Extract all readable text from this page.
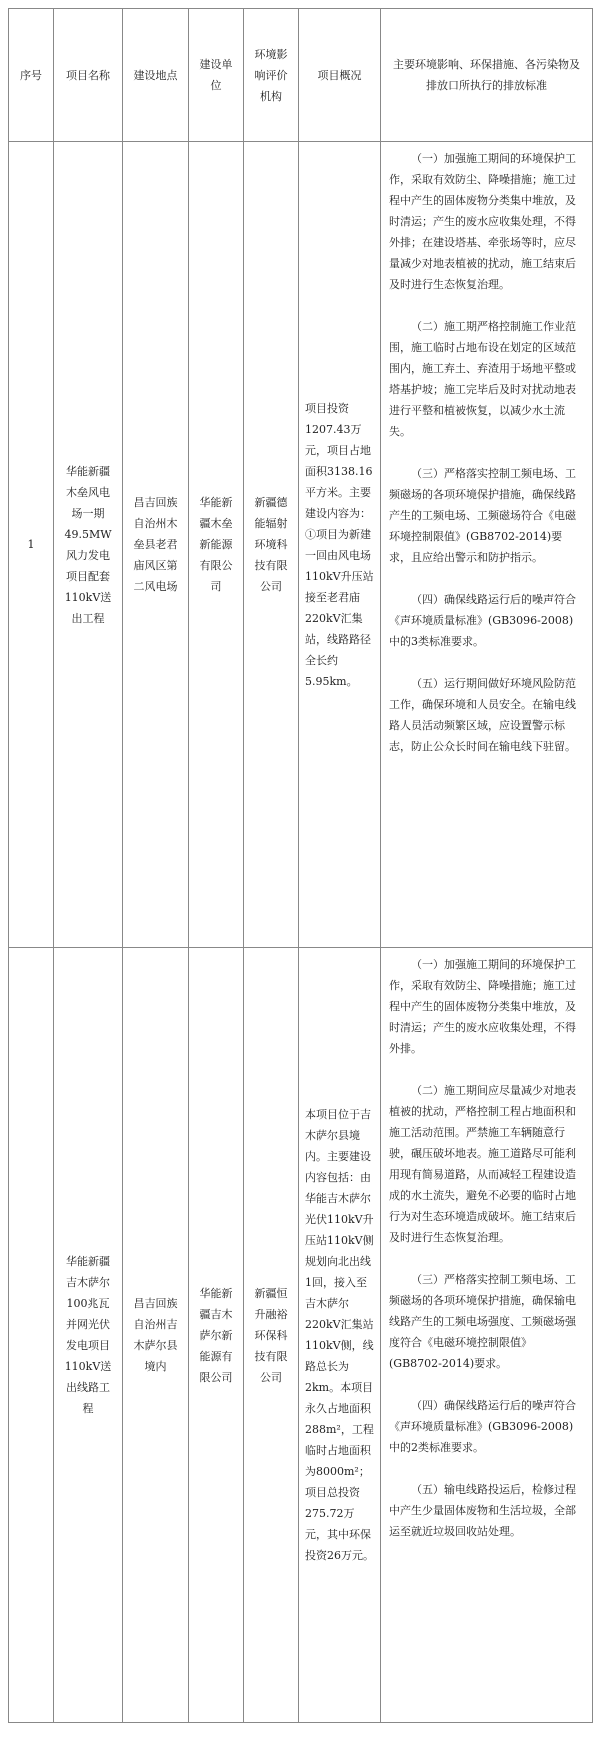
序号	项目名称	建设地点	建设单位	环境影响评价机构	项目概况	主要环境影响、环保措施、各污染物及排放口所执行的排放标准
1	华能新疆木垒风电场一期49.5MW风力发电项目配套110kV送出工程	昌吉回族自治州木垒县老君庙风区第二风电场	华能新疆木垒新能源有限公司	新疆德能辐射环境科技有限公司	项目投资1207.43万元，项目占地面积3138.16平方米。主要建设内容为：①项目为新建一回由风电场110kV升压站接至老君庙220kV汇集站，线路路径全长约5.95km。	（一）加强施工期间的环境保护工作，采取有效防尘、降噪措施；施工过程中产生的固体废物分类集中堆放，及时清运；产生的废水应收集处理，不得外排；在建设塔基、牵张场等时，应尽量减少对地表植被的扰动，施工结束后及时进行生态恢复治理。

（二）施工期严格控制施工作业范围，施工临时占地布设在划定的区域范围内，施工弃土、弃渣用于场地平整或塔基护坡；施工完毕后及时对扰动地表进行平整和植被恢复，以减少水土流失。

（三）严格落实控制工频电场、工频磁场的各项环境保护措施，确保线路产生的工频电场、工频磁场符合《电磁环境控制限值》(GB8702-2014)要求，且应给出警示和防护指示。

（四）确保线路运行后的噪声符合《声环境质量标准》(GB3096-2008)中的3类标准要求。

（五）运行期间做好环境风险防范工作，确保环境和人员安全。在输电线路人员活动频繁区域，应设置警示标志，防止公众长时间在输电线下驻留。

	华能新疆吉木萨尔100兆瓦并网光伏发电项目110kV送出线路工程	昌吉回族自治州吉木萨尔县境内	华能新疆吉木萨尔新能源有限公司	新疆恒升融裕环保科技有限公司	本项目位于吉木萨尔县境内。主要建设内容包括：由华能吉木萨尔光伏110kV升压站110kV侧规划向北出线1回，接入至吉木萨尔220kV汇集站110kV侧，线路总长为2km。本项目永久占地面积288m²，工程临时占地面积为8000m²；项目总投资275.72万元，其中环保投资26万元。	（一）加强施工期间的环境保护工作，采取有效防尘、降噪措施；施工过程中产生的固体废物分类集中堆放，及时清运；产生的废水应收集处理，不得外排。

（二）施工期间应尽量减少对地表植被的扰动，严格控制工程占地面积和施工活动范围。严禁施工车辆随意行驶，碾压破坏地表。施工道路尽可能利用现有简易道路，从而减轻工程建设造成的水土流失，避免不必要的临时占地行为对生态环境造成破坏。施工结束后及时进行生态恢复治理。

（三）严格落实控制工频电场、工频磁场的各项环境保护措施，确保输电线路产生的工频电场强度、工频磁场强度符合《电磁环境控制限值》(GB8702-2014)要求。

（四）确保线路运行后的噪声符合《声环境质量标准》(GB3096-2008)中的2类标准要求。

（五）输电线路投运后，检修过程中产生少量固体废物和生活垃圾，全部运至就近垃圾回收站处理。
